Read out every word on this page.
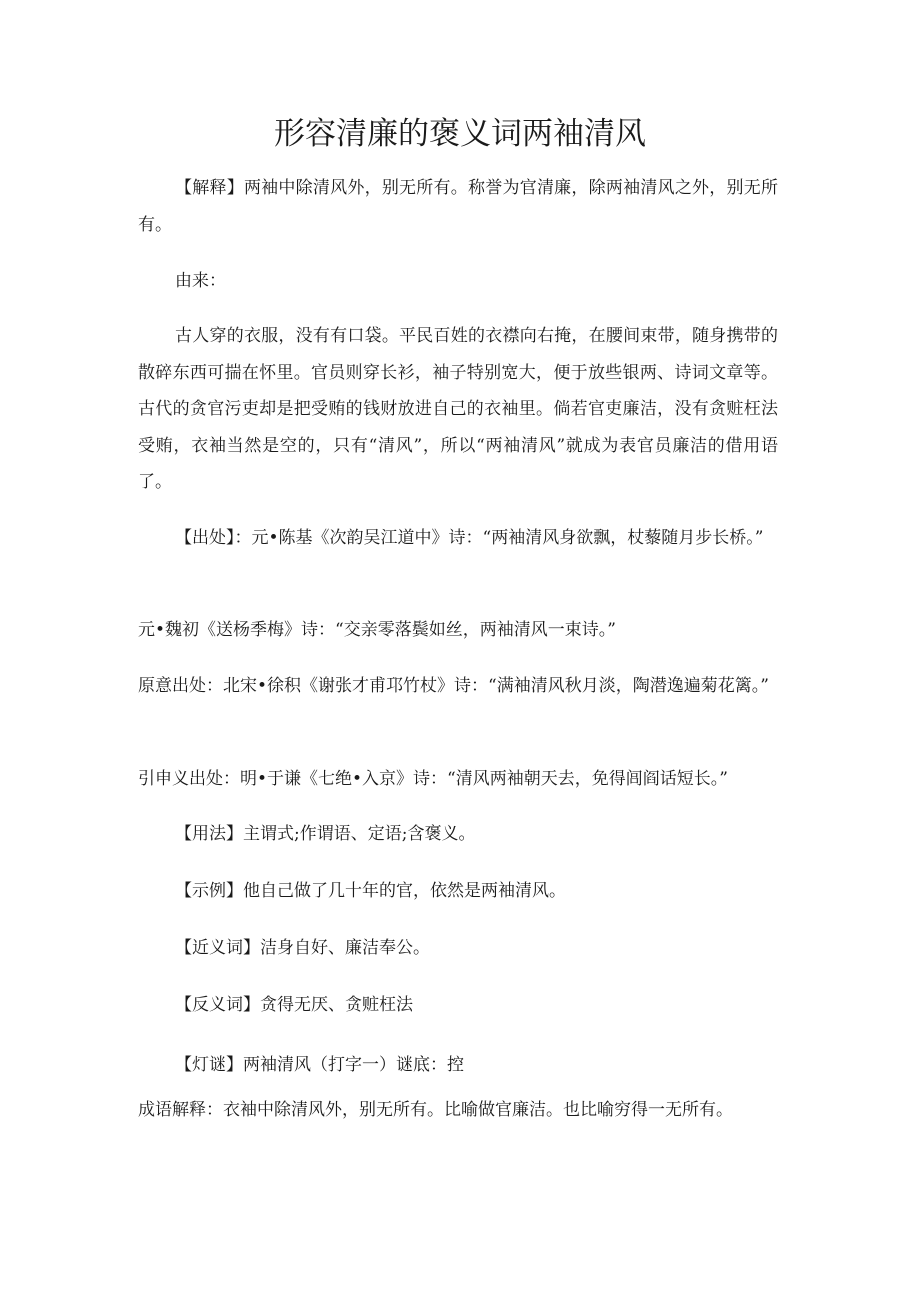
形容清廉的褒义词两袖清风

【解释】两袖中除清风外，别无所有。称誉为官清廉，除两袖清风之外，别无所有。

由来：

古人穿的衣服，没有有口袋。平民百姓的衣襟向右掩，在腰间束带，随身携带的散碎东西可揣在怀里。官员则穿长衫，袖子特别宽大，便于放些银两、诗词文章等。古代的贪官污吏却是把受贿的钱财放进自己的衣袖里。倘若官吏廉洁，没有贪赃枉法受贿，衣袖当然是空的，只有“清风”，所以“两袖清风”就成为表官员廉洁的借用语了。

【出处】：元•陈基《次韵吴江道中》诗：“两袖清风身欲飘，杖藜随月步长桥。”

元•魏初《送杨季梅》诗：“交亲零落鬓如丝，两袖清风一束诗。”

原意出处：北宋•徐积《谢张才甫邛竹杖》诗：“满袖清风秋月淡，陶潜逸遍菊花篱。”

引申义出处：明•于谦《七绝•入京》诗：“清风两袖朝天去，免得闾阎话短长。”

【用法】主谓式;作谓语、定语;含褒义。

【示例】他自己做了几十年的官，依然是两袖清风。

【近义词】洁身自好、廉洁奉公。

【反义词】贪得无厌、贪赃枉法

【灯谜】两袖清风（打字一）谜底：控

成语解释：衣袖中除清风外，别无所有。比喻做官廉洁。也比喻穷得一无所有。
